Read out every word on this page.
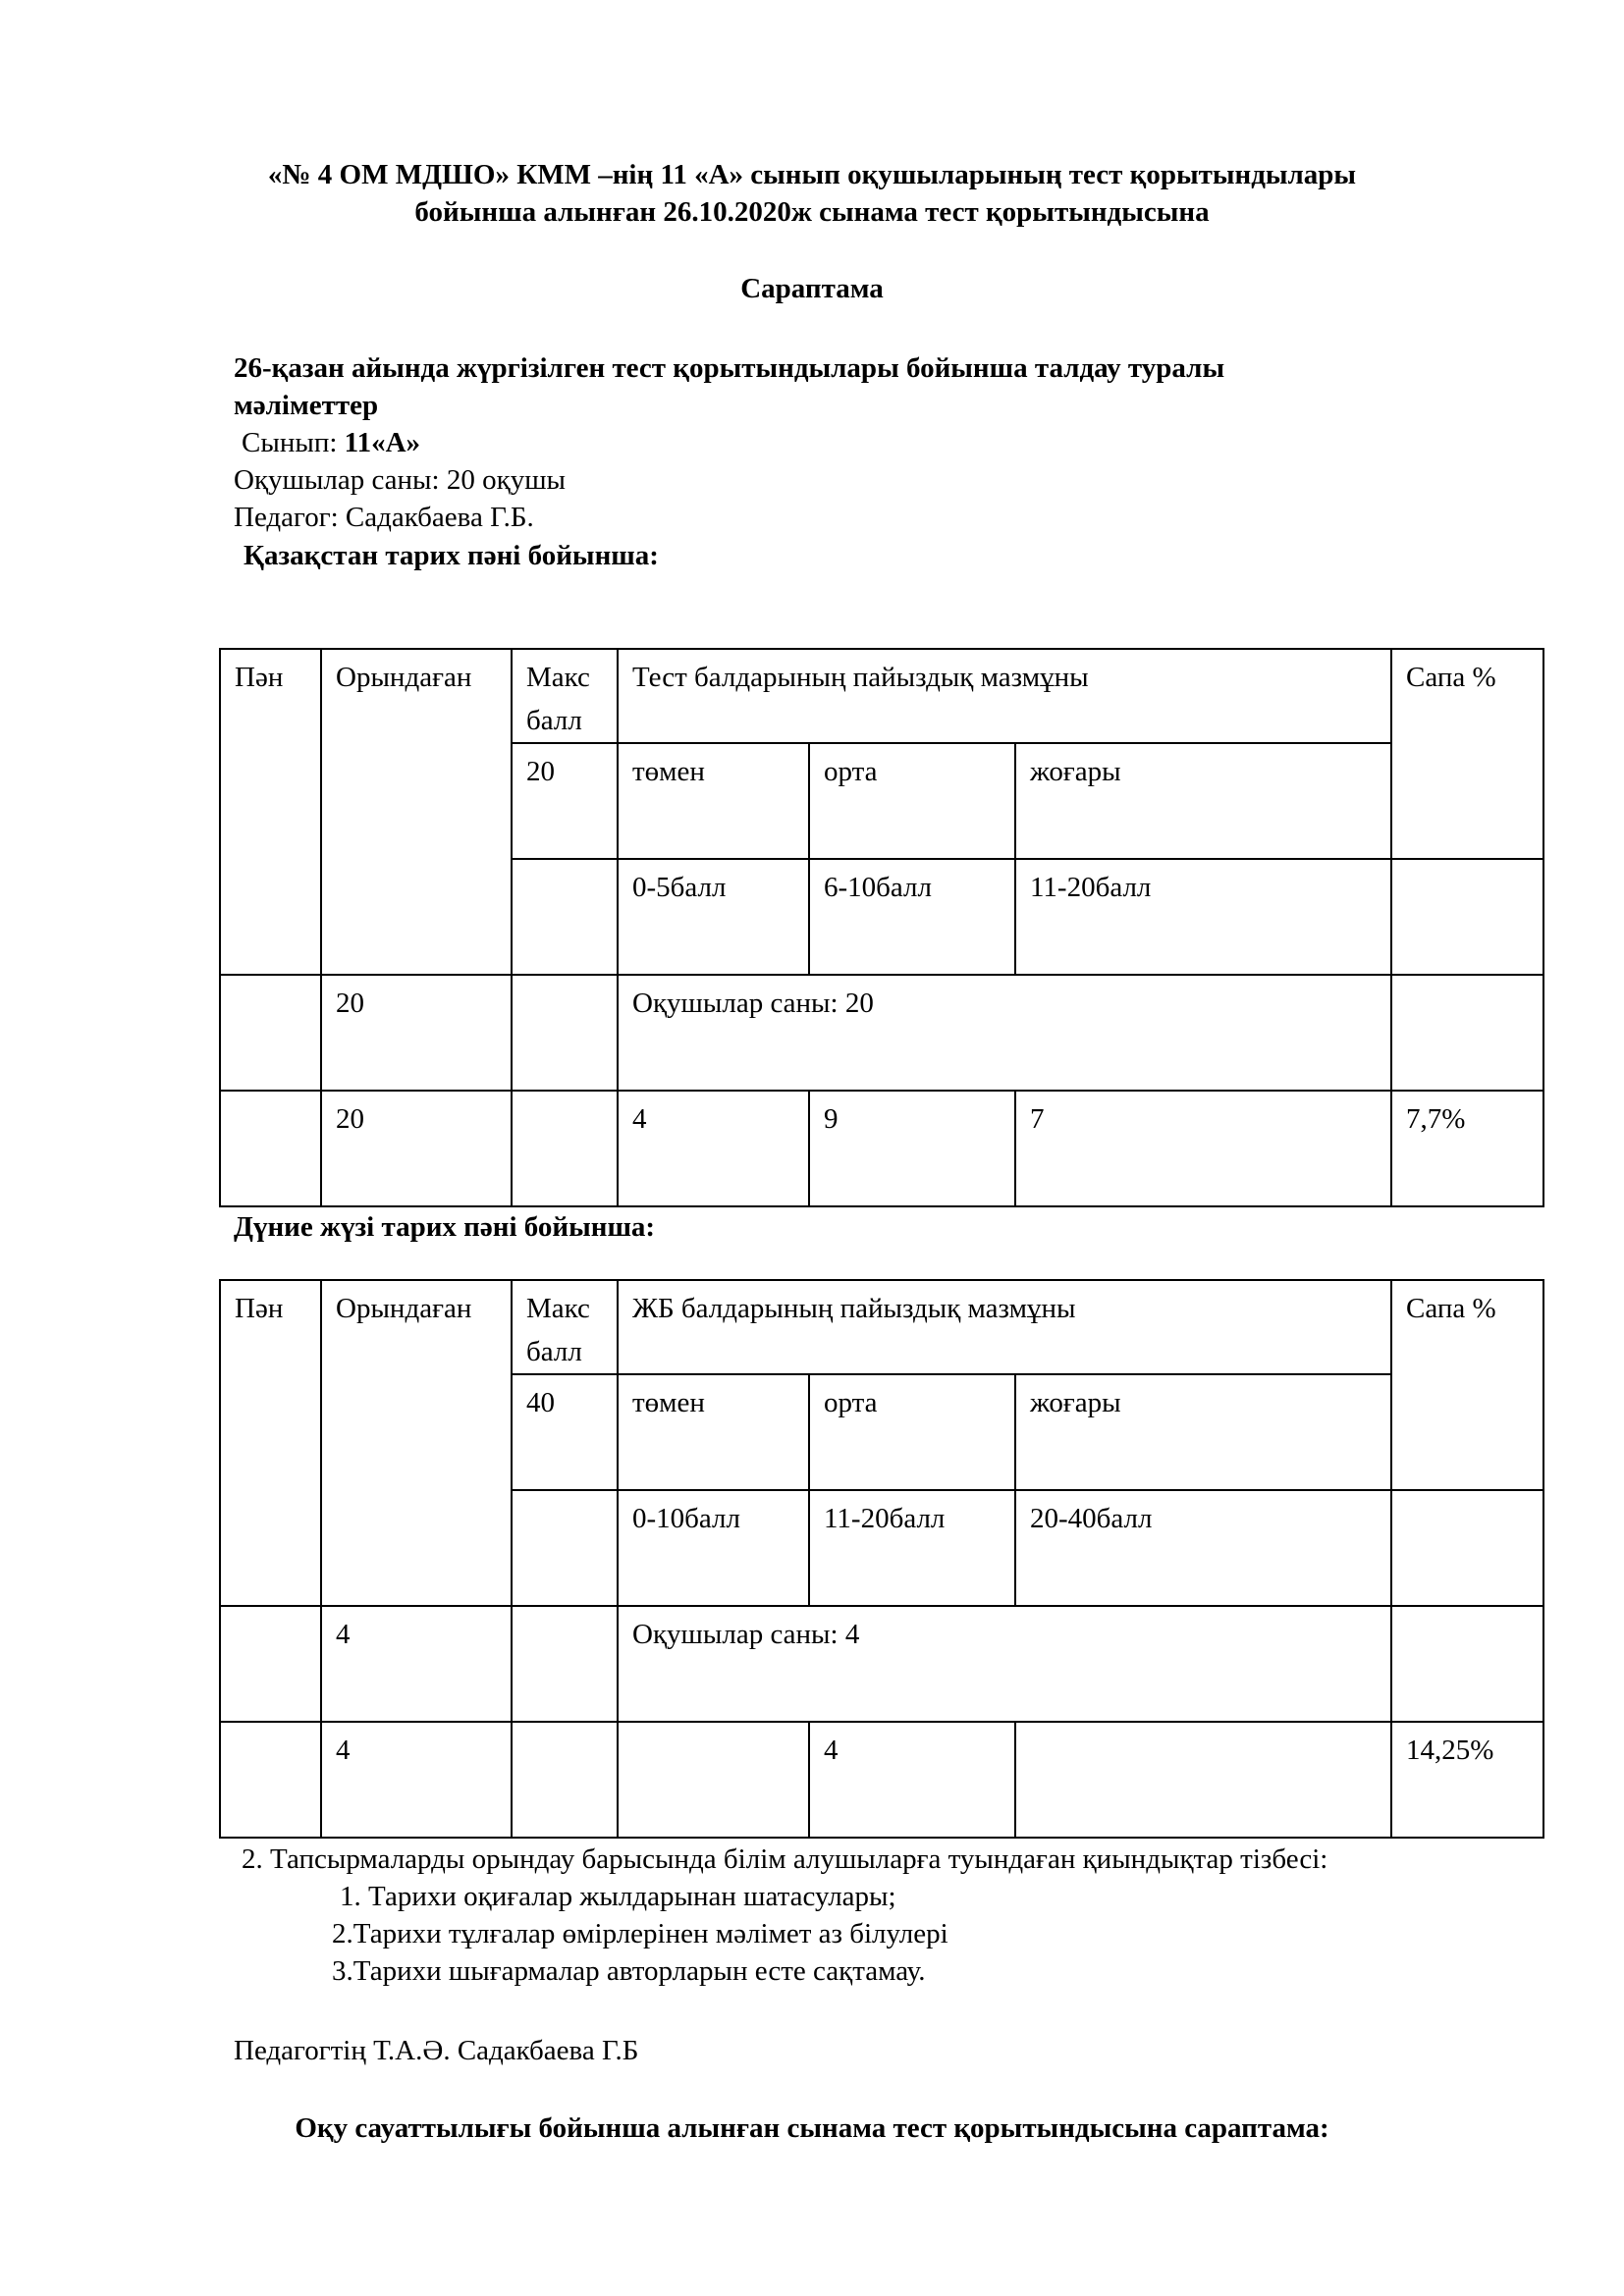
«№ 4 ОМ МДШО» КММ –нің 11 «А» сынып оқушыларының тест қорытындылары
бойынша алынған 26.10.2020ж сынама тест қорытындысына
Сараптама
26-қазан айында жүргізілген тест қорытындылары бойынша талдау туралы
мәліметтер
Сынып: 11«А»
Оқушылар саны: 20 оқушы
Педагог: Садакбаева Г.Б.
Қазақстан тарих пәні бойынша:
Пән	Орындаған	Макс балл	Тест балдарының пайыздық мазмұны			Сапа %
		20	төмен	орта	жоғары	
			0-5балл	6-10балл	11-20балл	
	20		Оқушылар саны: 20			
	20		4	9	7	7,7%
Дүние жүзі тарих пәні бойынша:
Пән	Орындаған	Макс балл	ЖБ балдарының пайыздық мазмұны			Сапа %
		40	төмен	орта	жоғары	
			0-10балл	11-20балл	20-40балл	
	4		Оқушылар саны: 4			
	4			4		14,25%
2. Тапсырмаларды орындау барысында білім алушыларға туындаған қиындықтар тізбесі:
1. Тарихи оқиғалар жылдарынан шатасулары;
2.Тарихи тұлғалар өмірлерінен мәлімет аз білулері
3.Тарихи шығармалар авторларын есте сақтамау.
Педагогтің Т.А.Ә. Садакбаева Г.Б
Оқу сауаттылығы бойынша алынған сынама тест қорытындысына сараптама:
